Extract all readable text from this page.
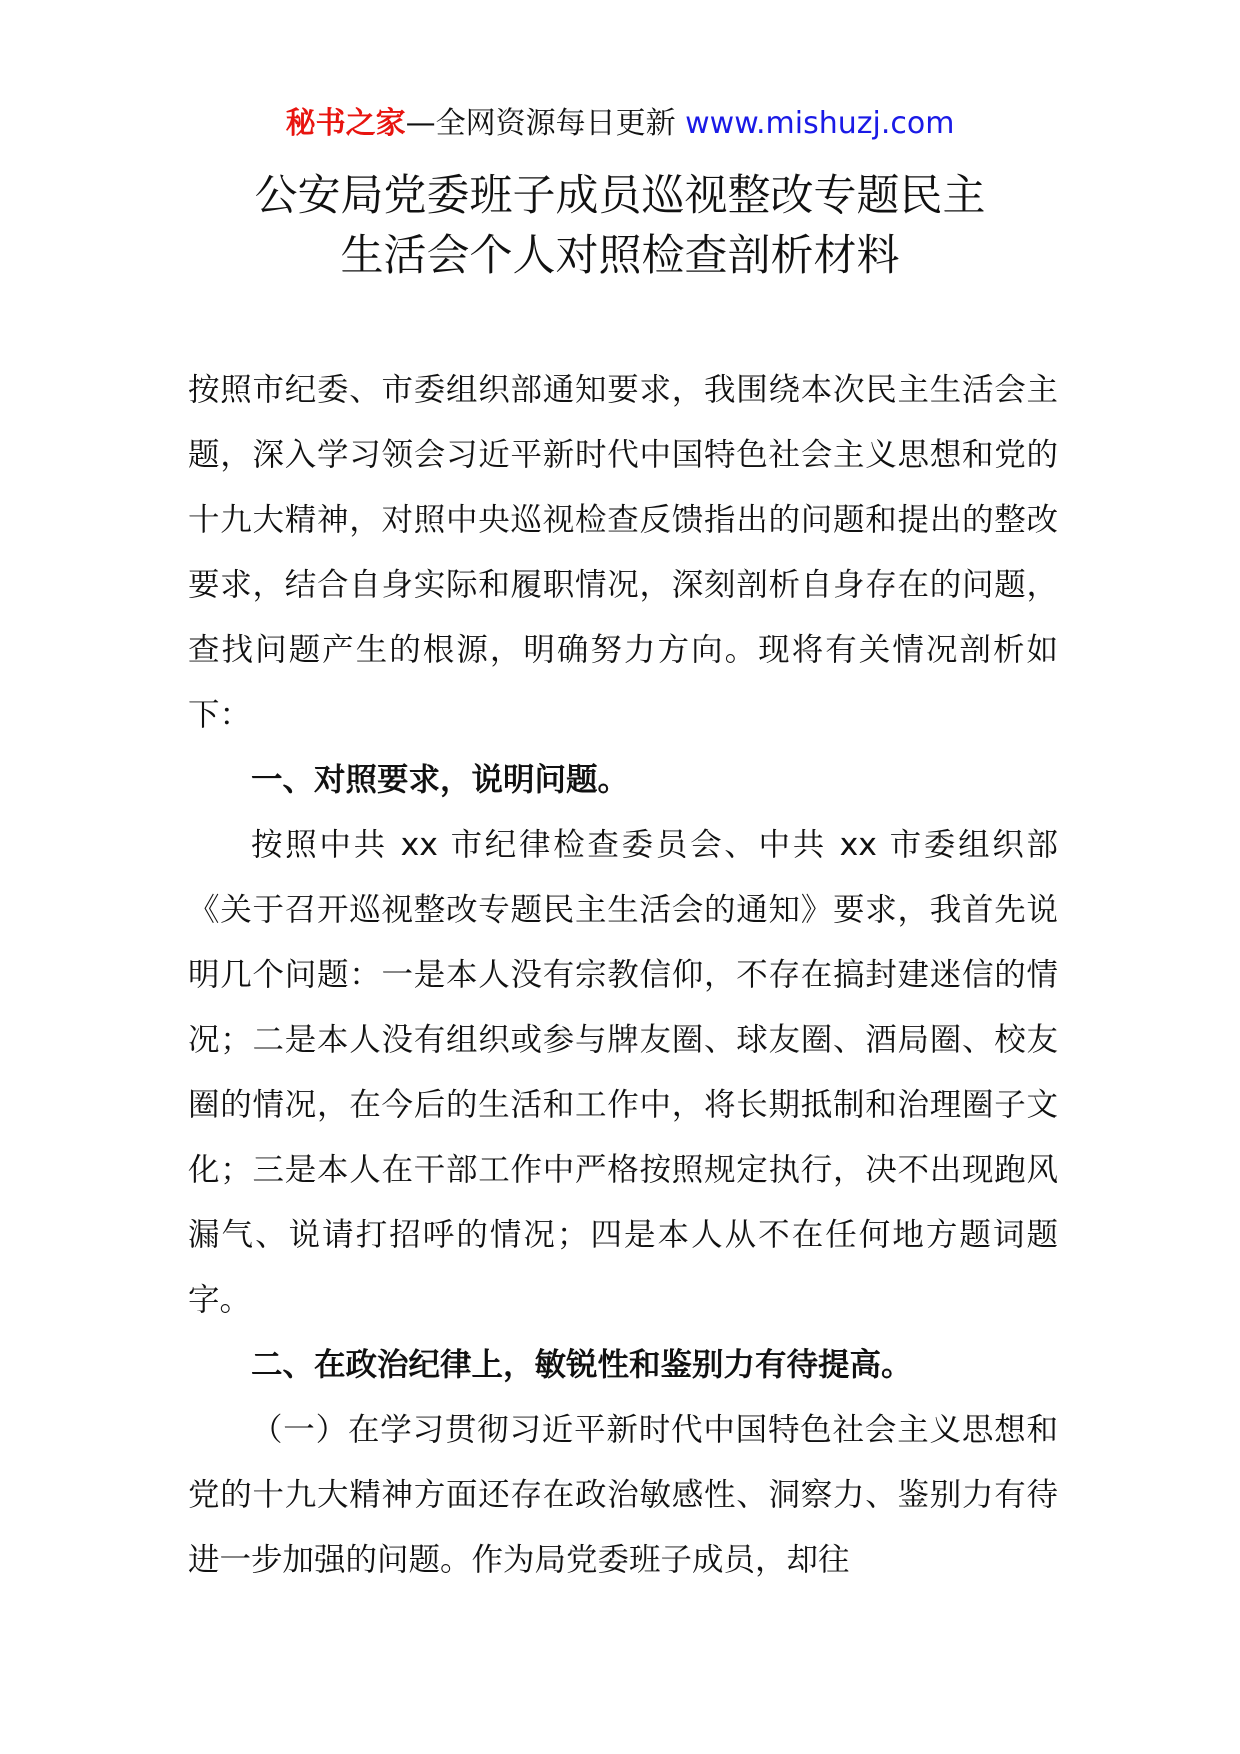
秘书之家—全网资源每日更新 www.mishuzj.com
公安局党委班子成员巡视整改专题民主
生活会个人对照检查剖析材料

按照市纪委、市委组织部通知要求，我围绕本次民主生活会主题，深入学习领会习近平新时代中国特色社会主义思想和党的十九大精神，对照中央巡视检查反馈指出的问题和提出的整改要求，结合自身实际和履职情况，深刻剖析自身存在的问题，查找问题产生的根源，明确努力方向。现将有关情况剖析如下：

一、对照要求，说明问题。

按照中共 xx 市纪律检查委员会、中共 xx 市委组织部《关于召开巡视整改专题民主生活会的通知》要求，我首先说明几个问题：一是本人没有宗教信仰，不存在搞封建迷信的情况；二是本人没有组织或参与牌友圈、球友圈、酒局圈、校友圈的情况，在今后的生活和工作中，将长期抵制和治理圈子文化；三是本人在干部工作中严格按照规定执行，决不出现跑风漏气、说请打招呼的情况；四是本人从不在任何地方题词题字。

二、在政治纪律上，敏锐性和鉴别力有待提高。

（一）在学习贯彻习近平新时代中国特色社会主义思想和党的十九大精神方面还存在政治敏感性、洞察力、鉴别力有待进一步加强的问题。作为局党委班子成员，却往
